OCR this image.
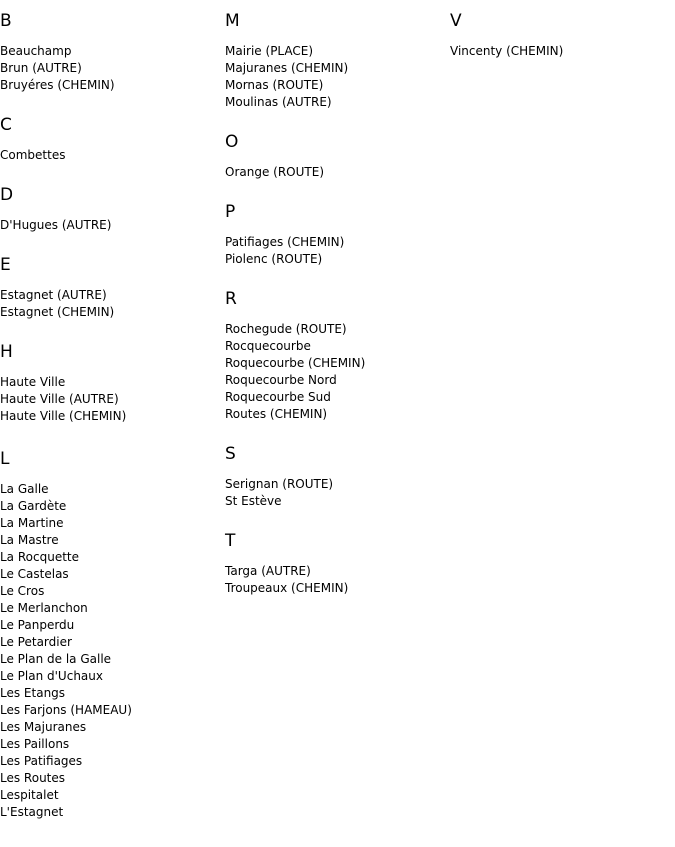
B
Beauchamp
Brun (AUTRE)
Bruyéres (CHEMIN)
C
Combettes
D
D'Hugues (AUTRE)
E
Estagnet (AUTRE)
Estagnet (CHEMIN)
H
Haute Ville
Haute Ville (AUTRE)
Haute Ville (CHEMIN)
L
La Galle
La Gardète
La Martine
La Mastre
La Rocquette
Le Castelas
Le Cros
Le Merlanchon
Le Panperdu
Le Petardier
Le Plan de la Galle
Le Plan d'Uchaux
Les Etangs
Les Farjons (HAMEAU)
Les Majuranes
Les Paillons
Les Patifiages
Les Routes
Lespitalet
L'Estagnet
M
Mairie (PLACE)
Majuranes (CHEMIN)
Mornas (ROUTE)
Moulinas (AUTRE)
O
Orange (ROUTE)
P
Patifiages (CHEMIN)
Piolenc (ROUTE)
R
Rochegude (ROUTE)
Rocquecourbe
Roquecourbe (CHEMIN)
Roquecourbe Nord
Roquecourbe Sud
Routes (CHEMIN)
S
Serignan (ROUTE)
St Estève
T
Targa (AUTRE)
Troupeaux (CHEMIN)
V
Vincenty (CHEMIN)
